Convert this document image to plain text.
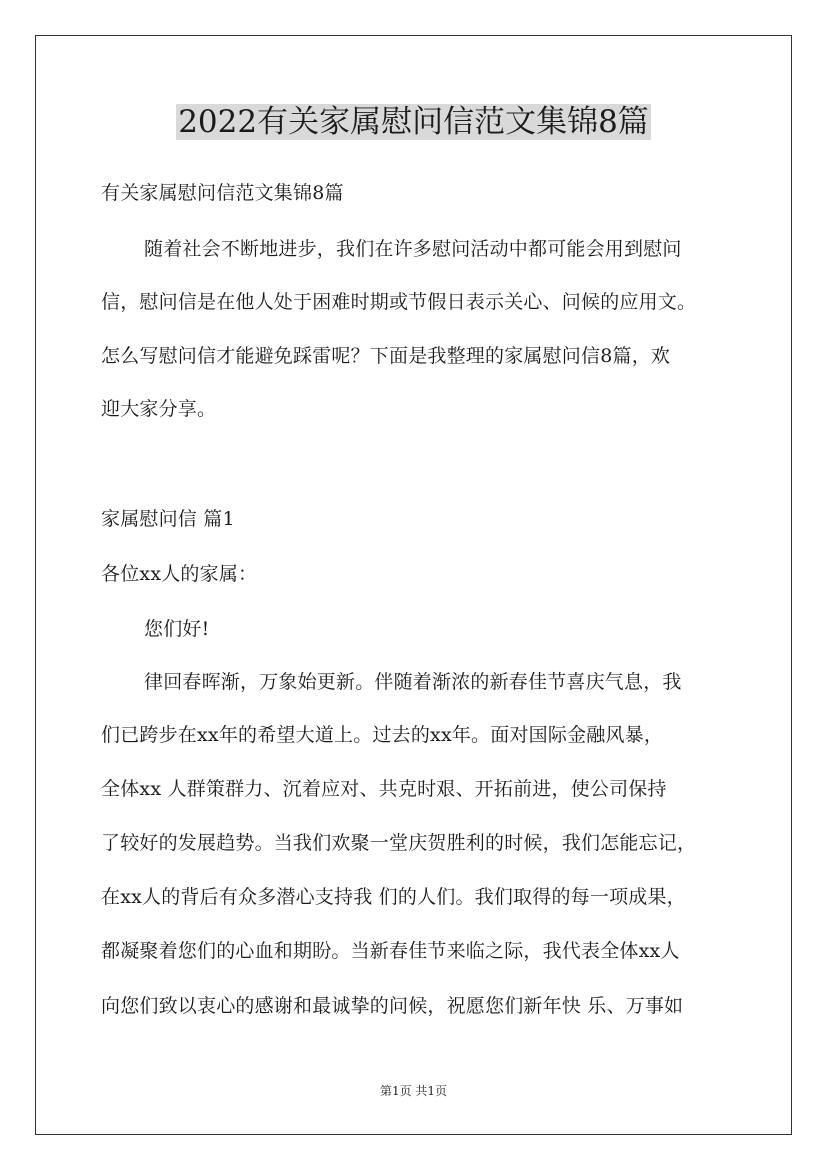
2022有关家属慰问信范文集锦8篇
有关家属慰问信范文集锦8篇
随着社会不断地进步，我们在许多慰问活动中都可能会用到慰问
信，慰问信是在他人处于困难时期或节假日表示关心、问候的应用文。
怎么写慰问信才能避免踩雷呢？下面是我整理的家属慰问信8篇，欢
迎大家分享。
家属慰问信 篇1
各位xx人的家属：
您们好!
律回春晖渐，万象始更新。伴随着渐浓的新春佳节喜庆气息，我
们已跨步在xx年的希望大道上。过去的xx年。面对国际金融风暴，
全体xx 人群策群力、沉着应对、共克时艰、开拓前进，使公司保持
了较好的发展趋势。当我们欢聚一堂庆贺胜利的时候，我们怎能忘记，
在xx人的背后有众多潜心支持我 们的人们。我们取得的每一项成果，
都凝聚着您们的心血和期盼。当新春佳节来临之际，我代表全体xx人
向您们致以衷心的感谢和最诚挚的问候，祝愿您们新年快 乐、万事如
第1页 共1页
